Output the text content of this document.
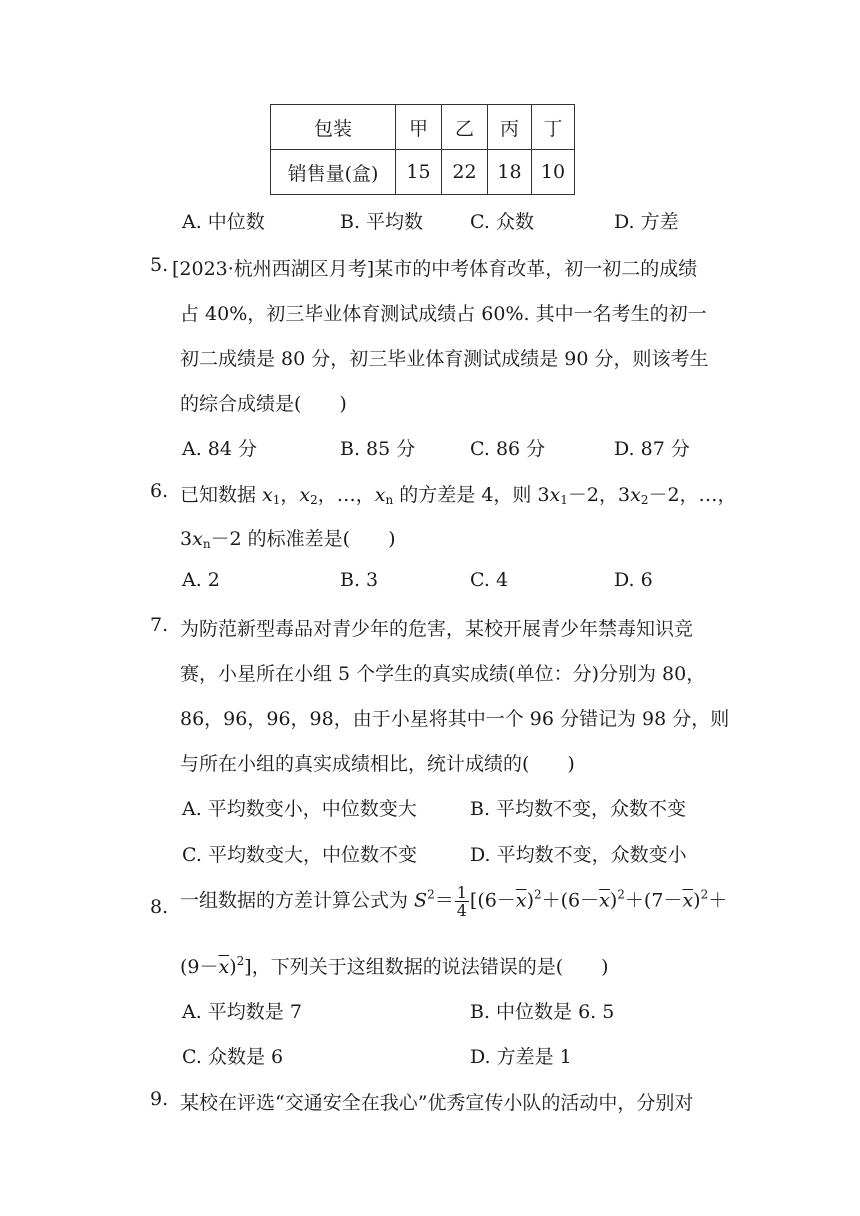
包装	甲	乙	丙	丁
销售量(盒)	15	22	18	10
A. 中位数	B. 平均数 C. 众数	D. 方差
5. [2023·杭州西湖区月考]某市的中考体育改革，初一初二的成绩
占 40%，初三毕业体育测试成绩占 60%. 其中一名考生的初一
初二成绩是 80 分，初三毕业体育测试成绩是 90 分，则该考生
的综合成绩是(　　)
A. 84 分	B. 85 分	C. 86 分	D. 87 分
6. 已知数据 $x_1$，$x_2$，…，$x_n$ 的方差是 4，则 $3x_1-2$，$3x_2-2$，…，
$3x_n-2$ 的标准差是(　　)
A. 2	B. 3	C. 4	D. 6
7. 为防范新型毒品对青少年的危害，某校开展青少年禁毒知识竞
赛，小星所在小组 5 个学生的真实成绩(单位：分)分别为 80，
86，96，96，98，由于小星将其中一个 96 分错记为 98 分，则
与所在小组的真实成绩相比，统计成绩的(　　)
A. 平均数变小，中位数变大	B. 平均数不变，众数不变
C. 平均数变大，中位数不变	D. 平均数不变，众数变小
8. 一组数据的方差计算公式为 $S^2= \frac{1}{4} [(6-\overline{x})^2+(6-\overline{x})^2+(7-\overline{x})^2+$
$(9-\overline{x})^2$]，下列关于这组数据的说法错误的是(　　)
A. 平均数是 7	B. 中位数是 6. 5
C. 众数是 6	D. 方差是 1
9. 某校在评选“交通安全在我心”优秀宣传小队的活动中，分别对
